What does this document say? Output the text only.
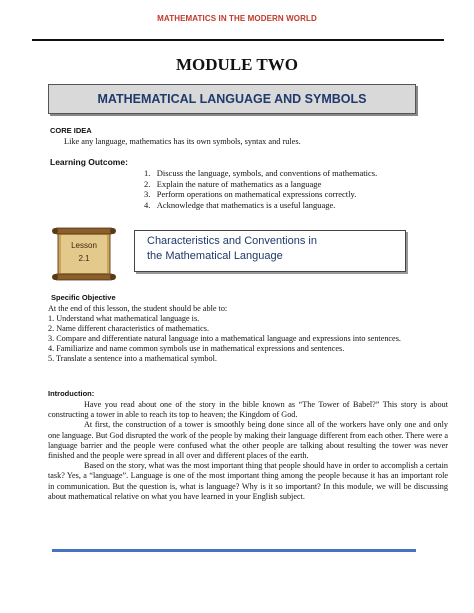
MATHEMATICS IN THE MODERN WORLD
MODULE TWO
MATHEMATICAL LANGUAGE AND SYMBOLS
CORE IDEA
Like any language, mathematics has its own symbols, syntax and rules.
Learning Outcome:
1.   Discuss the language, symbols, and conventions of mathematics.
2.   Explain the nature of mathematics as a language
3.   Perform operations on mathematical expressions correctly.
4.   Acknowledge that mathematics is a useful language.
Lesson
2.1
Characteristics and Conventions in
the Mathematical Language
Specific Objective
At the end of this lesson, the student should be able to:

1. Understand what mathematical language is.

2. Name different characteristics of mathematics.

3. Compare and differentiate natural language into a mathematical language and expressions into sentences.

4. Familiarize and name common symbols use in mathematical expressions and sentences.

5. Translate a sentence into a mathematical symbol.

Introduction:

Have you read about one of the story in the bible known as “The Tower of Babel?” This story is about constructing a tower in able to reach its top to heaven; the Kingdom of God.

At first, the construction of a tower is smoothly being done since all of the workers have only one and only one language. But God disrupted the work of the people by making their language different from each other. There were a language barrier and the people were confused what the other people are talking about resulting the tower was never finished and the people were spread in all over and different places of the earth.

Based on the story, what was the most important thing that people should have in order to accomplish a certain task? Yes, a “language”. Language is one of the most important thing among the people because it has an important role in communication. But the question is, what is language? Why is it so important? In this module, we will be discussing about mathematical relative on what you have learned in your English subject.
